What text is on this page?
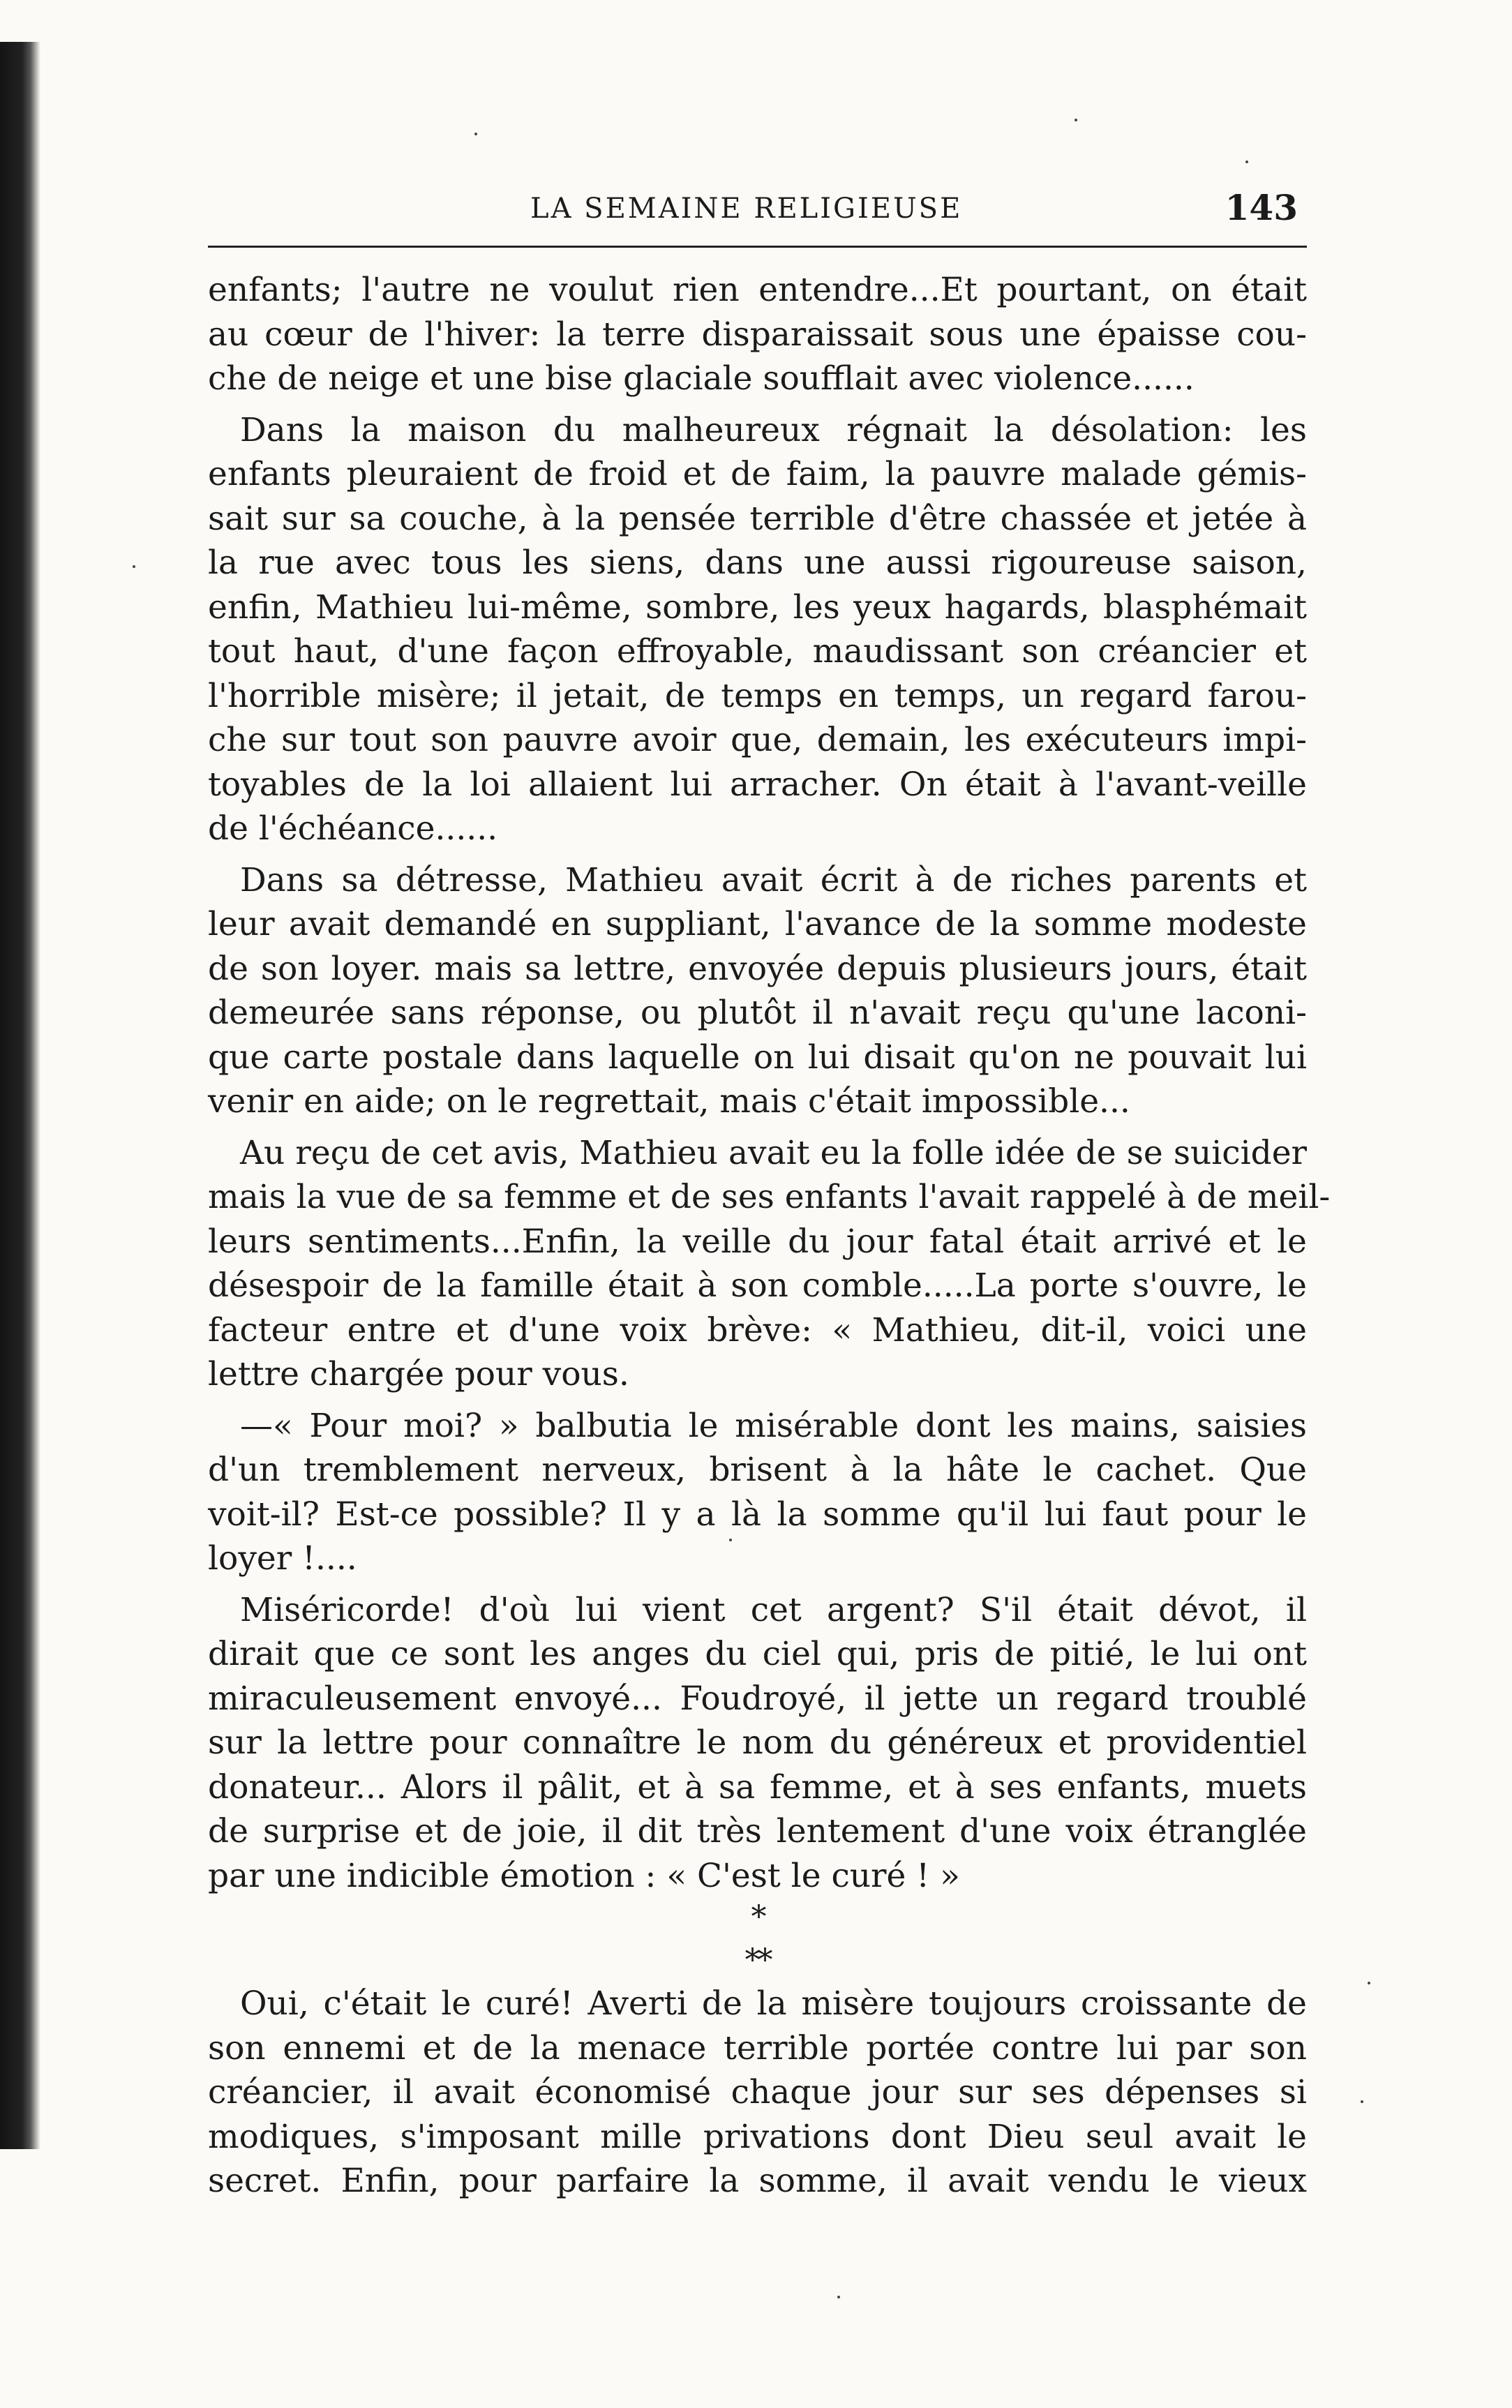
LA SEMAINE RELIGIEUSE	143
enfants; l'autre ne voulut rien entendre...Et pourtant, on était
au cœur de l'hiver: la terre disparaissait sous une épaisse cou-
che de neige et une bise glaciale soufflait avec violence......
Dans la maison du malheureux régnait la désolation: les
enfants pleuraient de froid et de faim, la pauvre malade gémis-
sait sur sa couche, à la pensée terrible d'être chassée et jetée à
la rue avec tous les siens, dans une aussi rigoureuse saison,
enfin, Mathieu lui-même, sombre, les yeux hagards, blasphémait
tout haut, d'une façon effroyable, maudissant son créancier et
l'horrible misère; il jetait, de temps en temps, un regard farou-
che sur tout son pauvre avoir que, demain, les exécuteurs impi-
toyables de la loi allaient lui arracher. On était à l'avant-veille
de l'échéance......
Dans sa détresse, Mathieu avait écrit à de riches parents et
leur avait demandé en suppliant, l'avance de la somme modeste
de son loyer. mais sa lettre, envoyée depuis plusieurs jours, était
demeurée sans réponse, ou plutôt il n'avait reçu qu'une laconi-
que carte postale dans laquelle on lui disait qu'on ne pouvait lui
venir en aide; on le regrettait, mais c'était impossible...
Au reçu de cet avis, Mathieu avait eu la folle idée de se suicider
mais la vue de sa femme et de ses enfants l'avait rappelé à de meil-
leurs sentiments...Enfin, la veille du jour fatal était arrivé et le
désespoir de la famille était à son comble.....La porte s'ouvre, le
facteur entre et d'une voix brève: « Mathieu, dit-il, voici une
lettre chargée pour vous.
—« Pour moi? » balbutia le misérable dont les mains, saisies
d'un tremblement nerveux, brisent à la hâte le cachet. Que
voit-il? Est-ce possible? Il y a là la somme qu'il lui faut pour le
loyer !....
Miséricorde! d'où lui vient cet argent? S'il était dévot, il
dirait que ce sont les anges du ciel qui, pris de pitié, le lui ont
miraculeusement envoyé... Foudroyé, il jette un regard troublé
sur la lettre pour connaître le nom du généreux et providentiel
donateur... Alors il pâlit, et à sa femme, et à ses enfants, muets
de surprise et de joie, il dit très lentement d'une voix étranglée
par une indicible émotion : « C'est le curé ! »
*
**
Oui, c'était le curé! Averti de la misère toujours croissante de
son ennemi et de la menace terrible portée contre lui par son
créancier, il avait économisé chaque jour sur ses dépenses si
modiques, s'imposant mille privations dont Dieu seul avait le
secret. Enfin, pour parfaire la somme, il avait vendu le vieux
